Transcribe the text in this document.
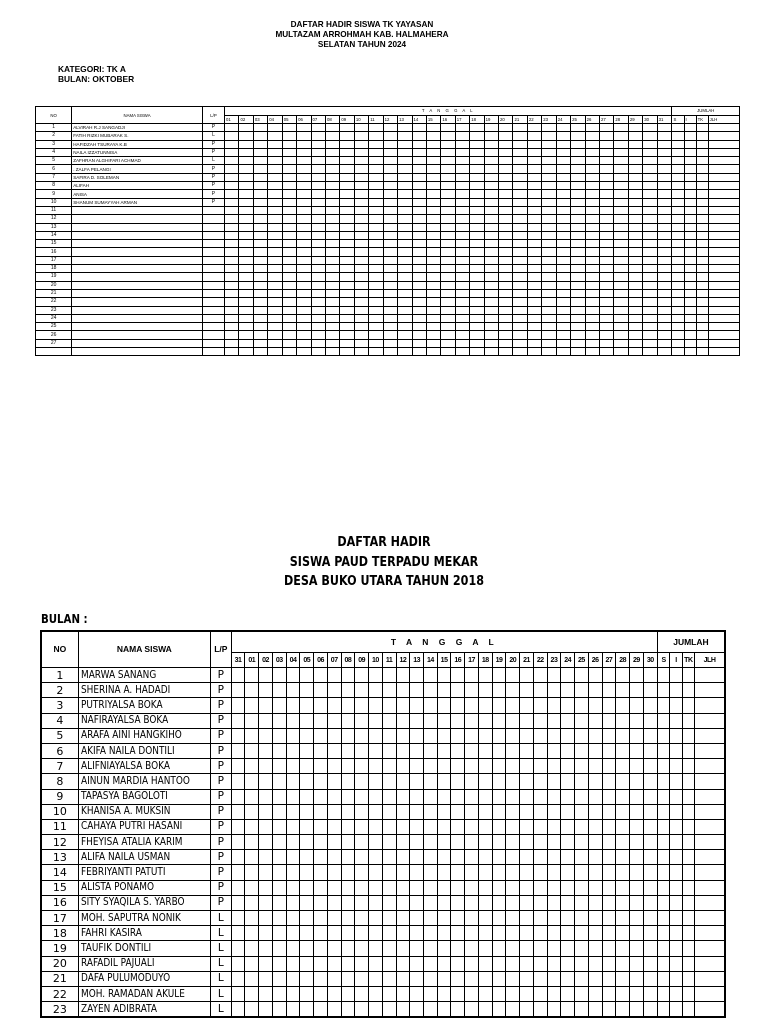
DAFTAR HADIR SISWA TK YAYASAN
MULTAZAM ARROHMAH KAB. HALMAHERA
SELATAN TAHUN 2024
KATEGORI: TK A
BULAN: OKTOBER
NO	NAMA SISWA	L/P	T A N G G A L																															JUMLAH			
			01	02	03	04	05	06	07	08	09	10	11	12	13	14	15	16	17	18	19	20	21	22	23	24	25	26	27	28	29	30	31	S	I	TK	JLH
1	ALVIRAH R.J SANGADJI	P																																			
2	FATIH RIZKI MUBARAK S.	L																																			
3	HAFIDZAH TSURAYA K.B	P																																			
4	NAILA IZZATUNNISA	P																																			
5	ZAFHRAN ALGHIFARI ACHMAD	L																																			
6	. ZALFA PELANGI	P																																			
7	SAFIRA D. SOLEMAN	P																																			
8	ALIFAH	P																																			
9	ANISA	P																																			
10	SHANUM SUMAYYAH ARMAN	P																																			
11																																					
12																																					
13																																					
14																																					
15																																					
16																																					
17																																					
18																																					
19																																					
20																																					
21																																					
22																																					
23																																					
24																																					
25																																					
26																																					
27																																					

DAFTAR HADIR
SISWA PAUD TERPADU MEKAR
DESA BUKO UTARA TAHUN 2018
BULAN :
NO	NAMA SISWA	L/P	T A N G G A L																															JUMLAH			
			31	01	02	03	04	05	06	07	08	09	10	11	12	13	14	15	16	17	18	19	20	21	22	23	24	25	26	27	28	29	30	S	I	TK	JLH
1	MARWA SANANG	P																																			
2	SHERINA A. HADADI	P																																			
3	PUTRIYALSA BOKA	P																																			
4	NAFIRAYALSA BOKA	P																																			
5	ARAFA AINI HANGKIHO	P																																			
6	AKIFA NAILA DONTILI	P																																			
7	ALIFNIAYALSA BOKA	P																																			
8	AINUN MARDIA HANTOO	P																																			
9	TAPASYA BAGOLOTI	P																																			
10	KHANISA A. MUKSIN	P																																			
11	CAHAYA PUTRI HASANI	P																																			
12	FHEYISA ATALIA KARIM	P																																			
13	ALIFA NAILA USMAN	P																																			
14	FEBRIYANTI PATUTI	P																																			
15	ALISTA PONAMO	P																																			
16	SITY SYAQILA S. YARBO	P																																			
17	MOH. SAPUTRA NONIK	L																																			
18	FAHRI KASIRA	L																																			
19	TAUFIK DONTILI	L																																			
20	RAFADIL PAJUALI	L																																			
21	DAFA PULUMODUYO	L																																			
22	MOH. RAMADAN AKULE	L																																			
23	ZAYEN ADIBRATA	L																																			
